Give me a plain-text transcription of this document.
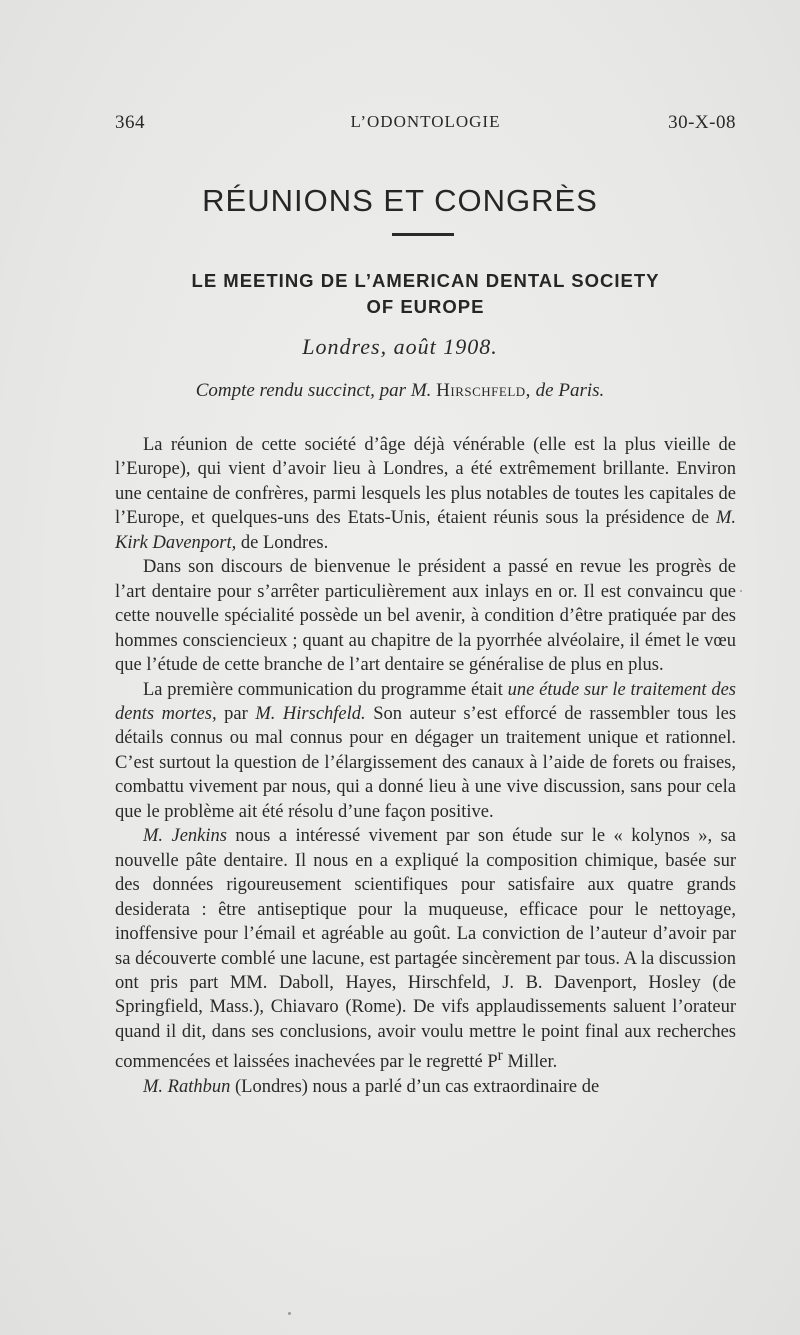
364	L’ODONTOLOGIE	30-X-08
RÉUNIONS ET CONGRÈS
LE MEETING DE L’AMERICAN DENTAL SOCIETY
OF EUROPE
Londres, août 1908.
Compte rendu succinct, par M. Hirschfeld, de Paris.

La réunion de cette société d’âge déjà vénérable (elle est la plus vieille de l’Europe), qui vient d’avoir lieu à Londres, a été extrêmement brillante. Environ une centaine de confrères, parmi lesquels les plus notables de toutes les capitales de l’Europe, et quelques-uns des Etats-Unis, étaient réunis sous la présidence de M. Kirk Davenport, de Londres.

Dans son discours de bienvenue le président a passé en revue les progrès de l’art dentaire pour s’arrêter particulièrement aux inlays en or. Il est convaincu que cette nouvelle spécialité possède un bel avenir, à condition d’être pratiquée par des hommes consciencieux ; quant au chapitre de la pyorrhée alvéolaire, il émet le vœu que l’étude de cette branche de l’art dentaire se généralise de plus en plus.

La première communication du programme était une étude sur le traitement des dents mortes, par M. Hirschfeld. Son auteur s’est efforcé de rassembler tous les détails connus ou mal connus pour en dégager un traitement unique et rationnel. C’est surtout la question de l’élargissement des canaux à l’aide de forets ou fraises, combattu vivement par nous, qui a donné lieu à une vive discussion, sans pour cela que le problème ait été résolu d’une façon positive.

M. Jenkins nous a intéressé vivement par son étude sur le « kolynos », sa nouvelle pâte dentaire. Il nous en a expliqué la composition chimique, basée sur des données rigoureusement scientifiques pour satisfaire aux quatre grands desiderata : être antiseptique pour la muqueuse, efficace pour le nettoyage, inoffensive pour l’émail et agréable au goût. La conviction de l’auteur d’avoir par sa découverte comblé une lacune, est partagée sincèrement par tous. A la discussion ont pris part MM. Daboll, Hayes, Hirschfeld, J. B. Davenport, Hosley (de Springfield, Mass.), Chiavaro (Rome). De vifs applaudissements saluent l’orateur quand il dit, dans ses conclusions, avoir voulu mettre le point final aux recherches commencées et laissées inachevées par le regretté $P^r$ Miller.

M. Rathbun (Londres) nous a parlé d’un cas extraordinaire de
